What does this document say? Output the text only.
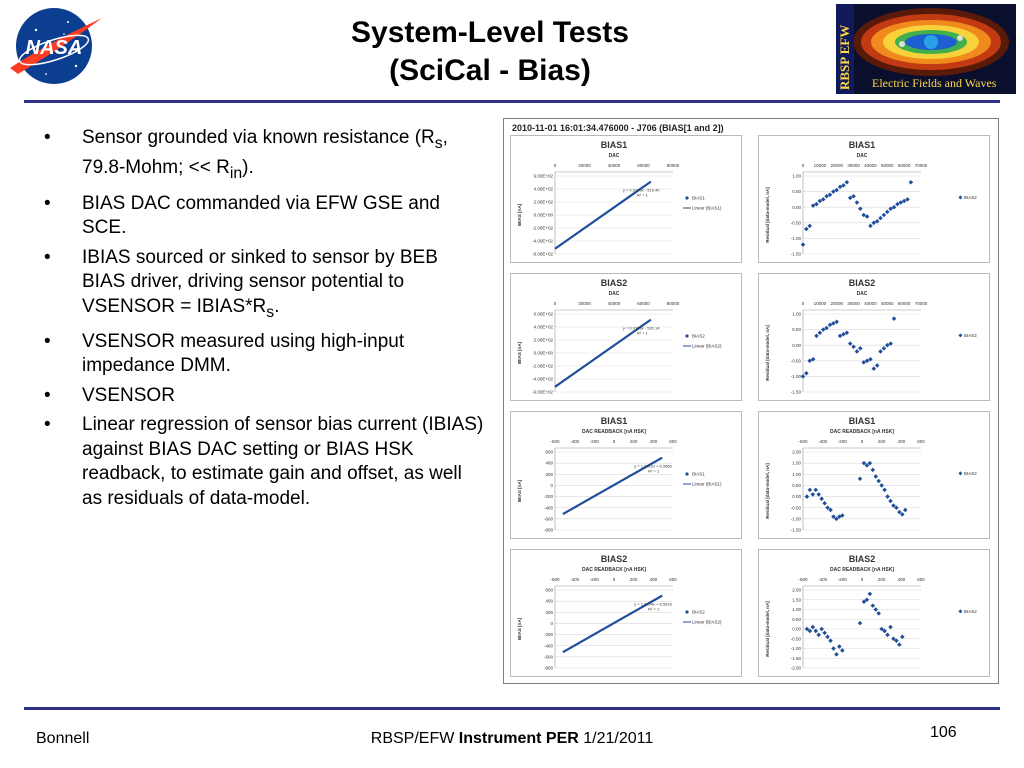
NASA	System-Level Tests
(SciCal - Bias)	RBSP EFW Electric Fields and Waves
• Sensor grounded via known resistance ($R_s$, 79.8-Mohm; << $R_{in}$).
• BIAS DAC commanded via EFW GSE and SCE.
• IBIAS sourced or sinked to sensor by BEB BIAS driver, driving sensor potential to VSENSOR = $IBIAS*R_s$.
• VSENSOR measured using high-input impedance DMM.
• VSENSOR
• Linear regression of sensor bias current (IBIAS) against BIAS DAC setting or BIAS HSK readback, to estimate gain and offset, as well as residuals of data-model.
2010-11-01 16:01:34.476000 - J706 (BIAS[1 and 2])
BIAS1
DAC
IBIAS [nA]
6.00E+02
4.00E+02
2.00E+02
0.00E+00
-2.00E+02
-4.00E+02
-6.00E+02
0	20000	40000	60000	80000
y = 0.0159x - 519.40
R² = 1
BIAS1
Linear (BIAS1)
BIAS1
DAC
Residual [data-model, nA]
1.00
0.50
0.00
-0.50
-1.00
-1.50
0 10000 20000 30000 40000 50000 60000 70000
BIAS2
BIAS2
DAC
IBIAS [nA]
6.00E+02
4.00E+02
2.00E+02
0.00E+00
-2.00E+02
-4.00E+02
-6.00E+02
0	20000	40000	60000	80000
y = 0.0159x - 520.14
R² = 1
BIAS2
Linear (BIAS2)
BIAS2
DAC
Residual [data-model, nA]
1.00
0.50
0.00
-0.50
-1.00
-1.50
0 10000 20000 30000 40000 50000 60000 70000
BIAS2
BIAS1
DAC READBACK [nA HSK]
IBIAS [nA]
600
400
200
0
-200
-400
-600
-800
-600 -400 -200	0	200	400	600
y = 1.0012x + 6.9566
R² = 1
BIAS1
Linear (BIAS1)
BIAS1
DAC READBACK [nA HSK]
Residual [data-model, nA]
2.00
1.50
1.00
0.50
0.00
-0.50
-1.00
-1.50
-600 -400 -200	0	200	400	600
BIAS2
BIAS2
DAC READBACK [nA HSK]
IBIAS [nA]
600
400
200
0
-200
-400
-600
-800
-600 -400 -200	0	200	400	600
y = 1.0054x + 6.5618
R² = 1
BIAS2
Linear (BIAS2)
BIAS2
DAC READBACK [nA HSK]
Residual [data-model, nA]
2.00
1.50
1.00
0.50
0.00
-0.50
-1.00
-1.50
-2.00
-600 -400 -200	0	200	400	600
BIAS2
Bonnell	RBSP/EFW Instrument PER 1/21/2011	106
